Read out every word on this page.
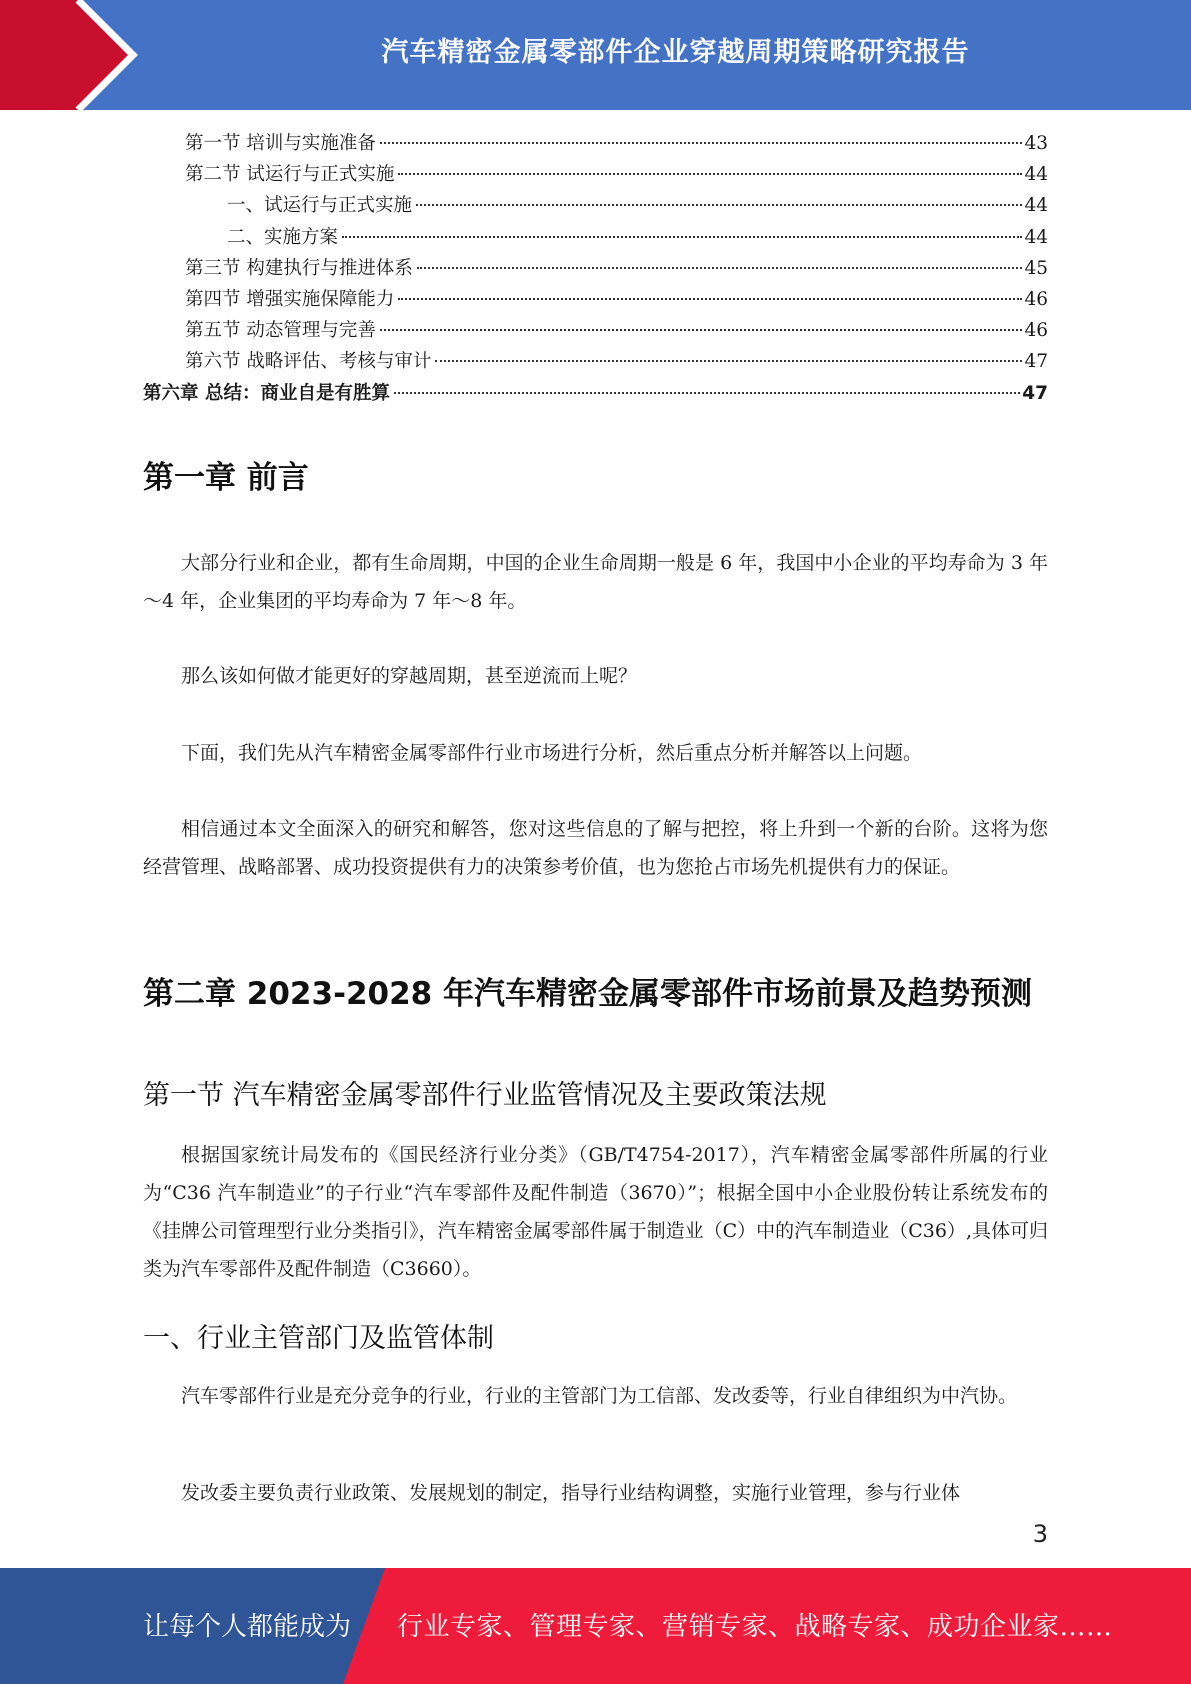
汽车精密金属零部件企业穿越周期策略研究报告
第一节 培训与实施准备	43
第二节 试运行与正式实施	44
一、试运行与正式实施	44
二、实施方案	44
第三节 构建执行与推进体系	45
第四节 增强实施保障能力	46
第五节 动态管理与完善	46
第六节 战略评估、考核与审计	47
第六章 总结：商业自是有胜算	47
第一章 前言

大部分行业和企业，都有生命周期，中国的企业生命周期一般是 6 年，我国中小企业的平均寿命为 3 年～4 年，企业集团的平均寿命为 7 年～8 年。

那么该如何做才能更好的穿越周期，甚至逆流而上呢？

下面，我们先从汽车精密金属零部件行业市场进行分析，然后重点分析并解答以上问题。

相信通过本文全面深入的研究和解答，您对这些信息的了解与把控，将上升到一个新的台阶。这将为您经营管理、战略部署、成功投资提供有力的决策参考价值，也为您抢占市场先机提供有力的保证。

第二章 2023-2028 年汽车精密金属零部件市场前景及趋势预测
第一节 汽车精密金属零部件行业监管情况及主要政策法规

根据国家统计局发布的《国民经济行业分类》（GB/T4754-2017），汽车精密金属零部件所属的行业为“C36 汽车制造业”的子行业“汽车零部件及配件制造（3670）”；根据全国中小企业股份转让系统发布的《挂牌公司管理型行业分类指引》，汽车精密金属零部件属于制造业（C）中的汽车制造业（C36）,具体可归类为汽车零部件及配件制造（C3660）。

一、行业主管部门及监管体制

汽车零部件行业是充分竞争的行业，行业的主管部门为工信部、发改委等，行业自律组织为中汽协。

发改委主要负责行业政策、发展规划的制定，指导行业结构调整，实施行业管理，参与行业体

3
让每个人都能成为 行业专家、管理专家、营销专家、战略专家、成功企业家……
